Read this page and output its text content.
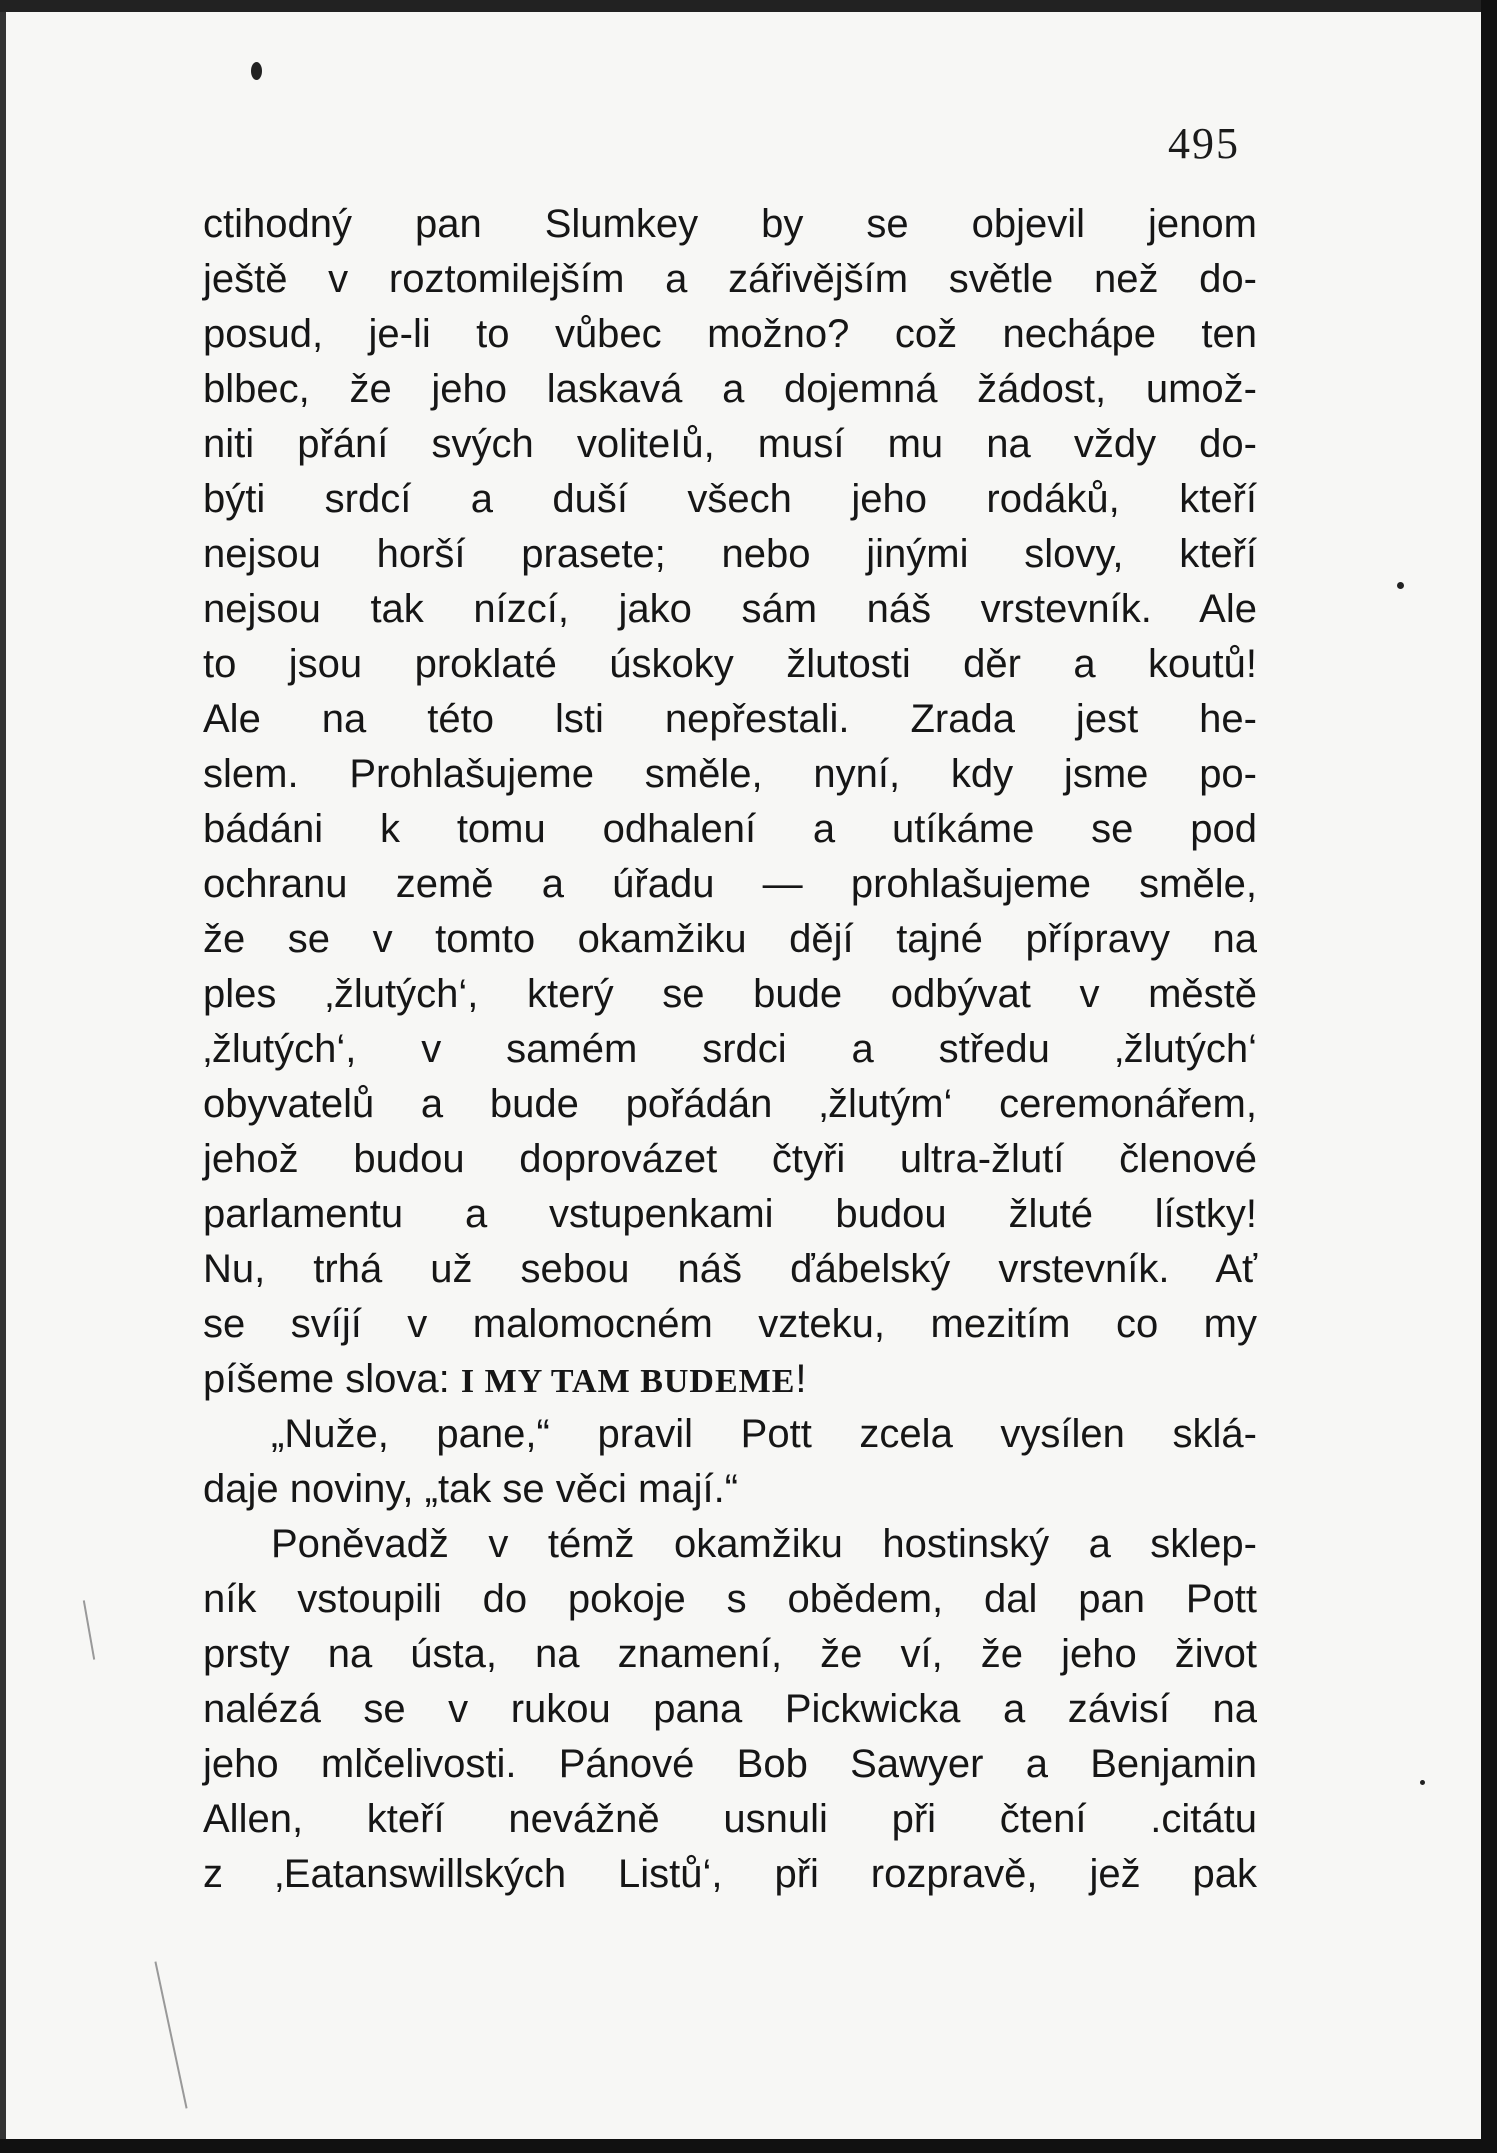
495
ctihodný pan Slumkey by se objevil jenom
ještě v roztomilejším a zářivějším světle než do-
posud, je-li to vůbec možno? což nechápe ten
blbec, že jeho laskavá a dojemná žádost, umož-
niti přání svých voliteIů, musí mu na vždy do-
býti srdcí a duší všech jeho rodáků, kteří
nejsou horší prasete; nebo jinými slovy, kteří
nejsou tak nízcí, jako sám náš vrstevník. Ale
to jsou proklaté úskoky žlutosti děr a koutů!
Ale na této lsti nepřestali. Zrada jest he-
slem. Prohlašujeme směle, nyní, kdy jsme po-
bádáni k tomu odhalení a utíkáme se pod
ochranu země a úřadu — prohlašujeme směle,
že se v tomto okamžiku dějí tajné přípravy na
ples ‚žlutých‘, který se bude odbývat v městě
‚žlutých‘, v samém srdci a středu ‚žlutých‘
obyvatelů a bude pořádán ‚žlutým‘ ceremonářem,
jehož budou doprovázet čtyři ultra-žlutí členové
parlamentu a vstupenkami budou žluté lístky!
Nu, trhá už sebou náš ďábelský vrstevník. Ať
se svíjí v malomocném vzteku, mezitím co my
píšeme slova: I MY TAM BUDEME!
„Nuže, pane,“ pravil Pott zcela vysílen sklá-
daje noviny, „tak se věci mají.“
Poněvadž v témž okamžiku hostinský a sklep-
ník vstoupili do pokoje s obědem, dal pan Pott
prsty na ústa, na znamení, že ví, že jeho život
nalézá se v rukou pana Pickwicka a závisí na
jeho mlčelivosti. Pánové Bob Sawyer a Benjamin
Allen, kteří nevážně usnuli při čtení .citátu
z ‚Eatanswillských Listů‘, při rozpravě, jež pak
